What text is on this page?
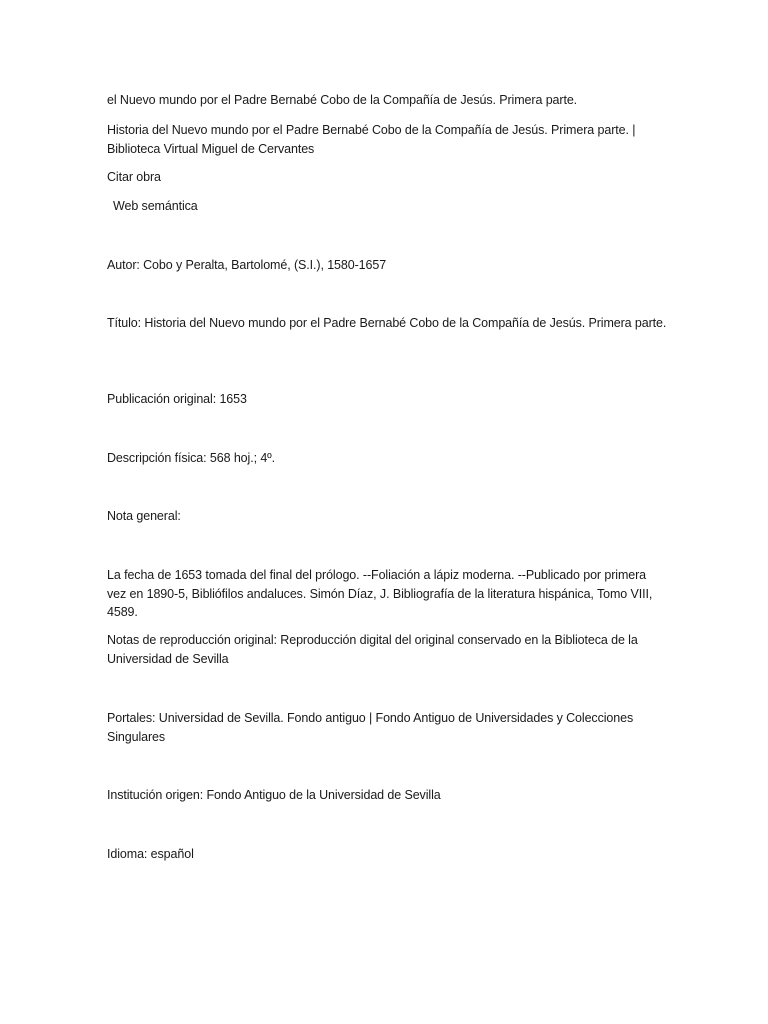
el Nuevo mundo por el Padre Bernabé Cobo de la Compañía de Jesús. Primera parte.
Historia del Nuevo mundo por el Padre Bernabé Cobo de la Compañía de Jesús. Primera parte. | Biblioteca Virtual Miguel de Cervantes
Citar obra
Web semántica
Autor: Cobo y Peralta, Bartolomé, (S.I.), 1580-1657
Título: Historia del Nuevo mundo por el Padre Bernabé Cobo de la Compañía de Jesús. Primera parte.
Publicación original: 1653
Descripción física: 568 hoj.; 4º.
Nota general:
La fecha de 1653 tomada del final del prólogo. --Foliación a lápiz moderna. --Publicado por primera vez en 1890-5, Bibliófilos andaluces. Simón Díaz, J. Bibliografía de la literatura hispánica, Tomo VIII, 4589.
Notas de reproducción original: Reproducción digital del original conservado en la Biblioteca de la Universidad de Sevilla
Portales: Universidad de Sevilla. Fondo antiguo | Fondo Antiguo de Universidades y Colecciones Singulares
Institución origen: Fondo Antiguo de la Universidad de Sevilla
Idioma: español
